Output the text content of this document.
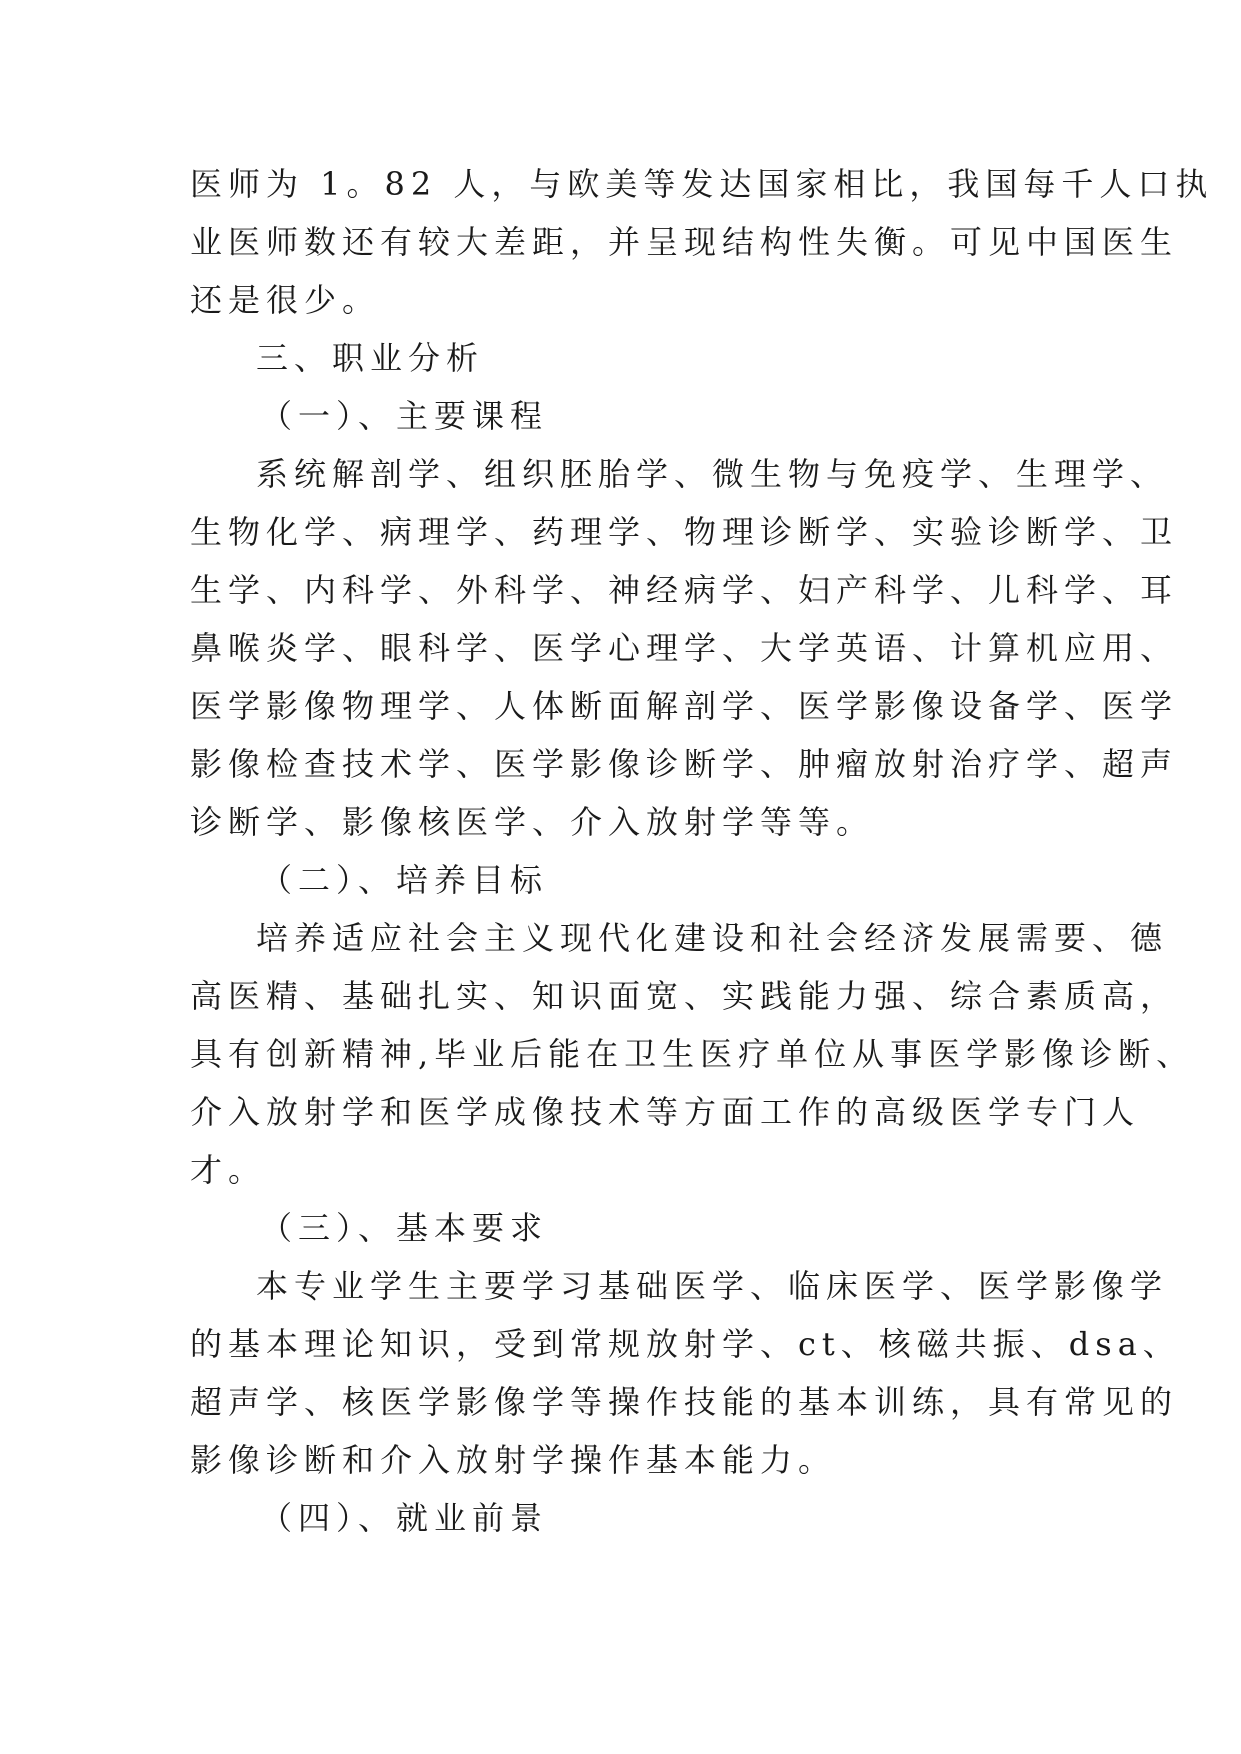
医师为 1。82 人，与欧美等发达国家相比，我国每千人口执
业医师数还有较大差距，并呈现结构性失衡。可见中国医生
还是很少。
三、职业分析
（一）、主要课程
系统解剖学、组织胚胎学、微生物与免疫学、生理学、
生物化学、病理学、药理学、物理诊断学、实验诊断学、卫
生学、内科学、外科学、神经病学、妇产科学、儿科学、耳
鼻喉炎学、眼科学、医学心理学、大学英语、计算机应用、
医学影像物理学、人体断面解剖学、医学影像设备学、医学
影像检查技术学、医学影像诊断学、肿瘤放射治疗学、超声
诊断学、影像核医学、介入放射学等等。
（二）、培养目标
培养适应社会主义现代化建设和社会经济发展需要、德
高医精、基础扎实、知识面宽、实践能力强、综合素质高，
具有创新精神,毕业后能在卫生医疗单位从事医学影像诊断、
介入放射学和医学成像技术等方面工作的高级医学专门人
才。
（三）、基本要求
本专业学生主要学习基础医学、临床医学、医学影像学
的基本理论知识，受到常规放射学、ct、核磁共振、dsa、
超声学、核医学影像学等操作技能的基本训练，具有常见的
影像诊断和介入放射学操作基本能力。
（四）、就业前景
